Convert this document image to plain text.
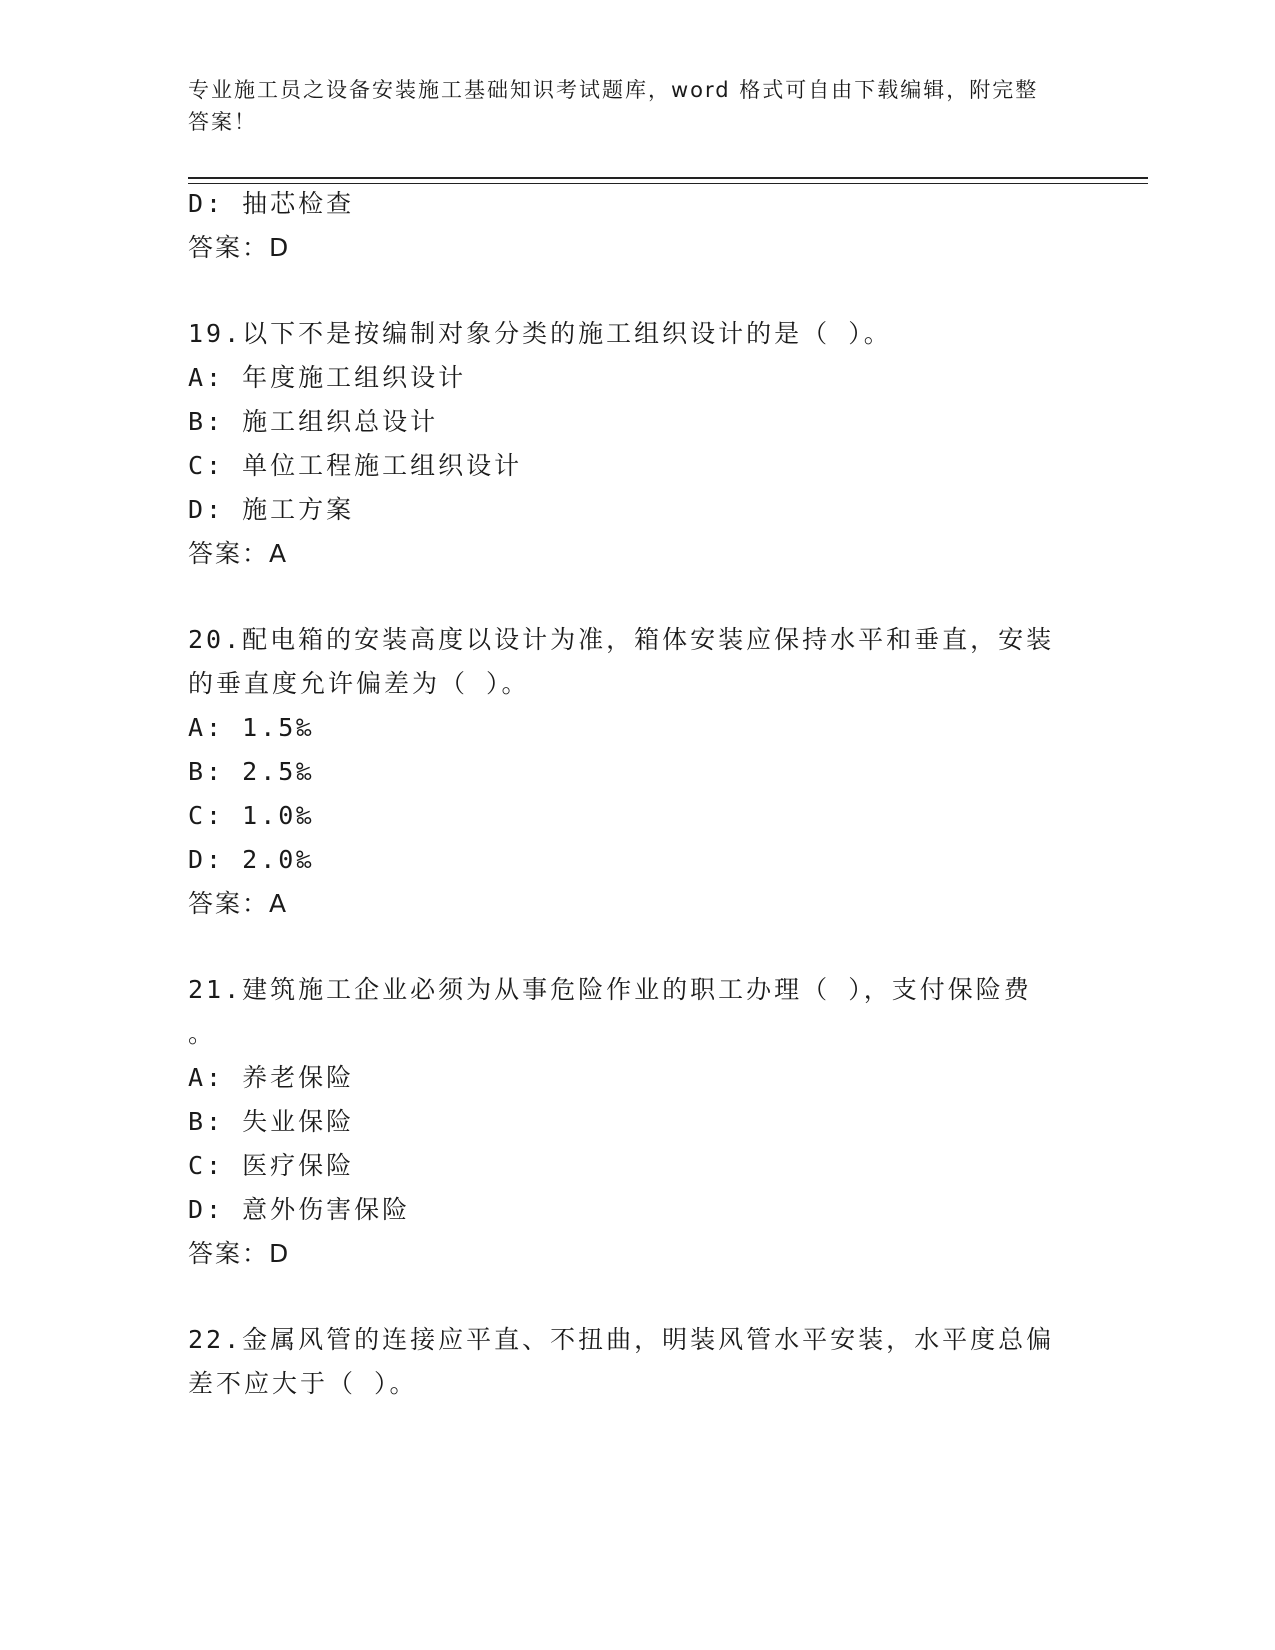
专业施工员之设备安装施工基础知识考试题库，word 格式可自由下载编辑，附完整答案！
D: 抽芯检查
答案：D
19.以下不是按编制对象分类的施工组织设计的是（ ）。
A: 年度施工组织设计
B: 施工组织总设计
C: 单位工程施工组织设计
D: 施工方案
答案：A
20.配电箱的安装高度以设计为准，箱体安装应保持水平和垂直，安装
的垂直度允许偏差为（ ）。
A: 1.5‰
B: 2.5‰
C: 1.0‰
D: 2.0‰
答案：A
21.建筑施工企业必须为从事危险作业的职工办理（ ），支付保险费
。
A: 养老保险
B: 失业保险
C: 医疗保险
D: 意外伤害保险
答案：D
22.金属风管的连接应平直、不扭曲，明装风管水平安装，水平度总偏
差不应大于（ ）。
